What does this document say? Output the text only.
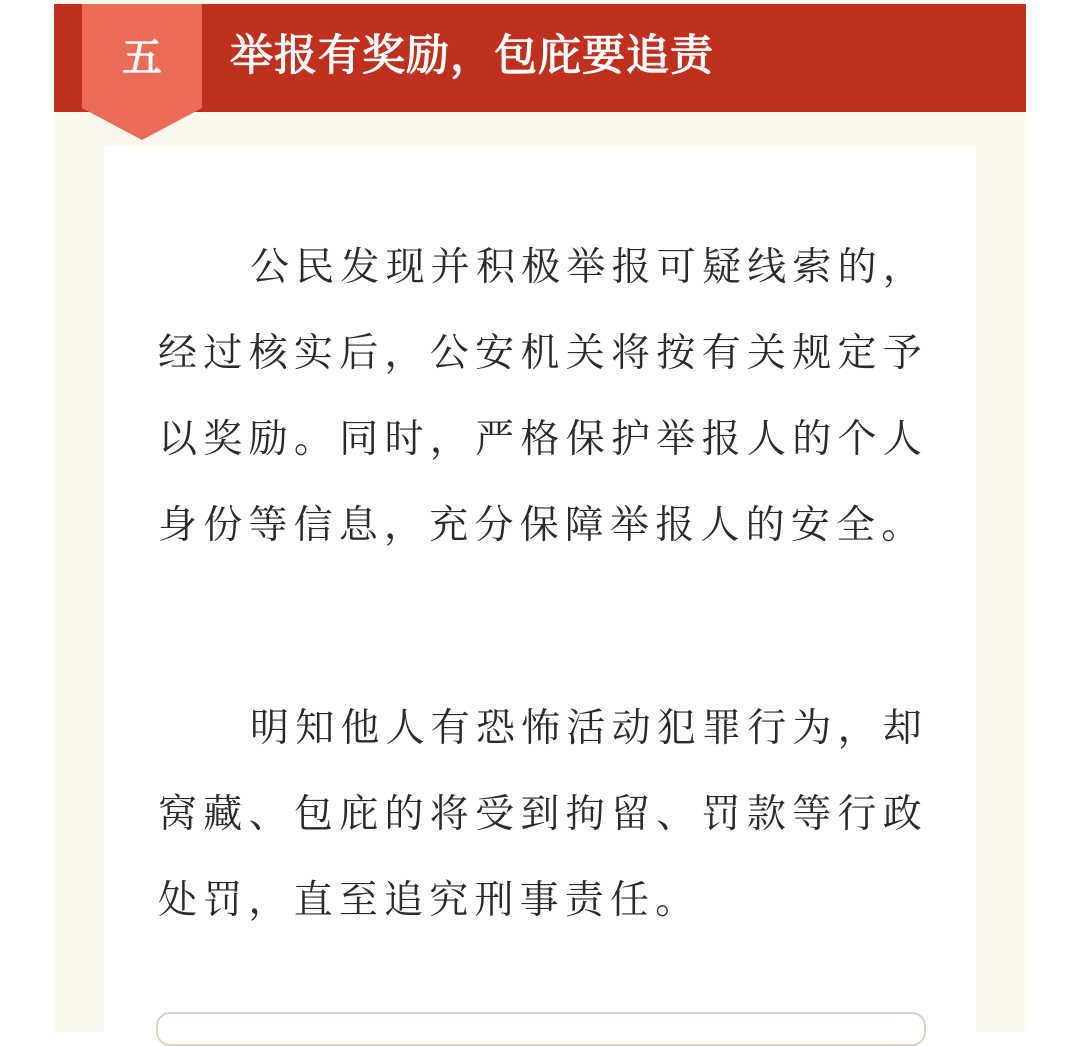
五	举报有奖励，包庇要追责

公民发现并积极举报可疑线索的，经过核实后，公安机关将按有关规定予以奖励。同时，严格保护举报人的个人身份等信息，充分保障举报人的安全。

明知他人有恐怖活动犯罪行为，却窝藏、包庇的将受到拘留、罚款等行政处罚，直至追究刑事责任。
